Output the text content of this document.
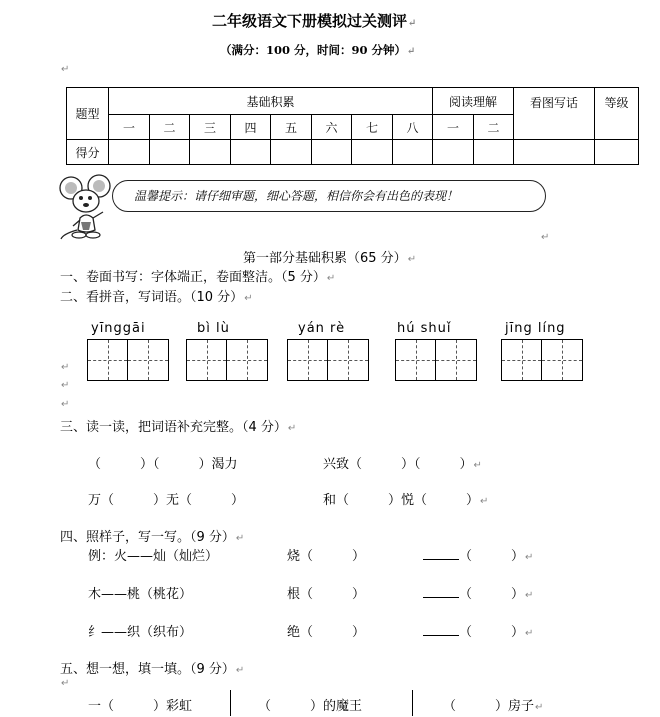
二年级语文下册模拟过关测评↵
（满分：100 分，时间：90 分钟）↵
↵
题型	基础积累								阅读理解		看图写话	等级
	一	二	三	四	五	六	七	八	一	二		
得分												
温馨提示：请仔细审题，细心答题，相信你会有出色的表现！
↵
第一部分基础积累（65 分）↵
一、卷面书写：字体端正，卷面整洁。（5 分）↵
二、看拼音，写词语。（10 分）↵
yīnggāi	bì lù	yán rè	hú shuǐ	jīng líng
↵
↵
↵
三、读一读，把词语补充完整。（4 分）↵
（　　　）（　　　）渴力	兴致（　　　）（　　　）↵
万（　　　）无（　　　）	和（　　　）悦（　　　）↵
四、照样子，写一写。（9 分）↵
例：火——灿（灿烂）	烧（　　　）	（　　　）↵
木——桃（桃花）	根（　　　）	（　　　）↵
纟——织（织布）	绝（　　　）	（　　　）↵
五、想一想，填一填。（9 分）↵
↵
一（　　　）彩虹	（　　　）的魔王	（　　　）房子↵
